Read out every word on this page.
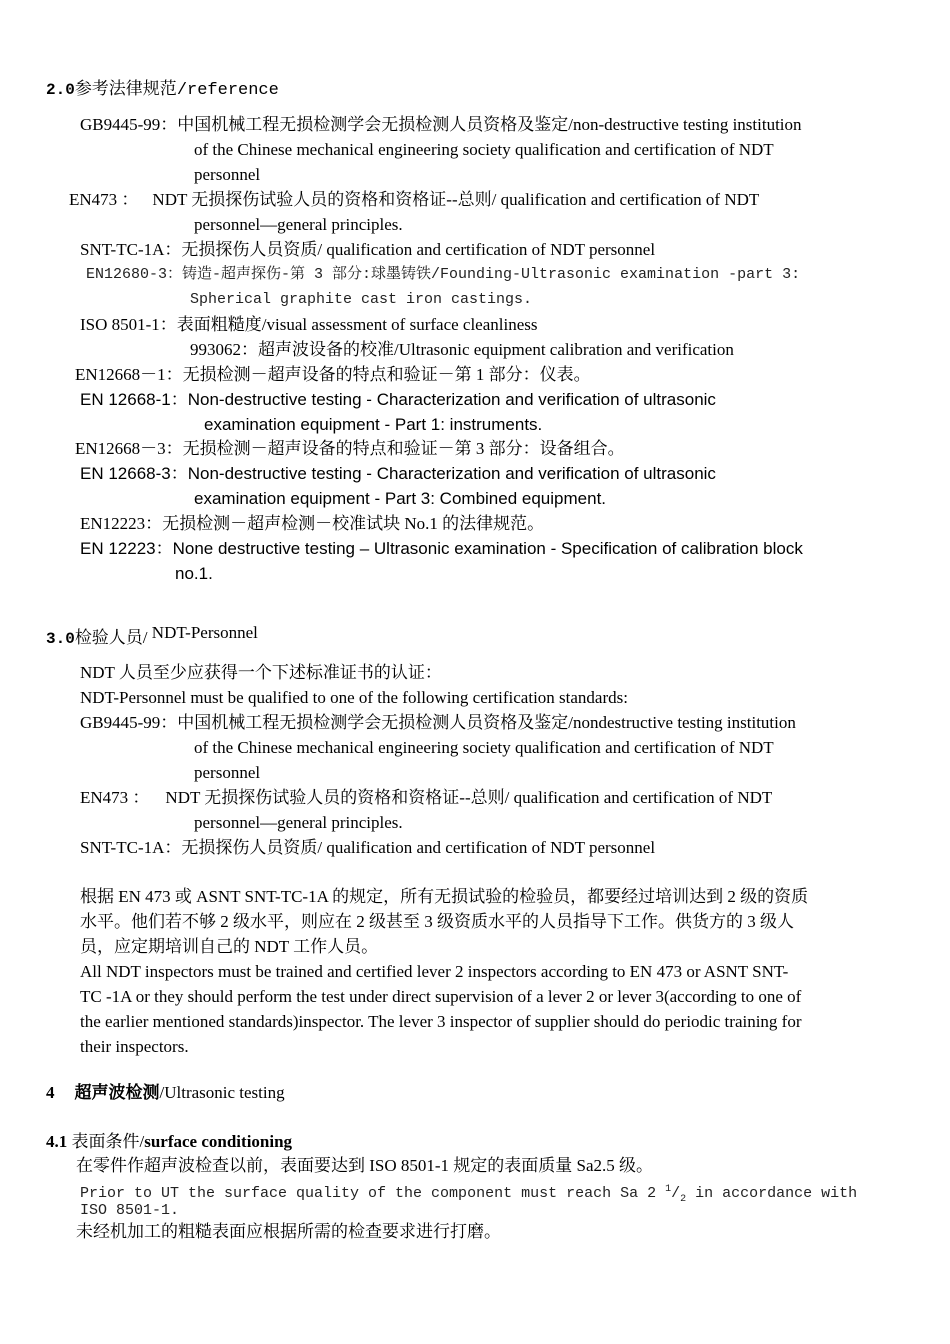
2.0参考法律规范/reference
GB9445-99：中国机械工程无损检测学会无损检测人员资格及鉴定/non-destructive testing institution
of the Chinese mechanical engineering society qualification and certification of NDT
personnel
EN473 ： NDT 无损探伤试验人员的资格和资格证--总则/ qualification and certification of NDT
personnel—general principles.
SNT-TC-1A：无损探伤人员资质/ qualification and certification of NDT personnel
EN12680-3：铸造-超声探伤-第 3 部分:球墨铸铁/Founding-Ultrasonic examination -part 3:
Spherical graphite cast iron castings.
ISO 8501-1：表面粗糙度/visual assessment of surface cleanliness
993062：超声波设备的校准/Ultrasonic equipment calibration and verification
EN12668－1：无损检测－超声设备的特点和验证－第 1 部分：仪表。
EN 12668-1：Non-destructive testing - Characterization and verification of ultrasonic
examination equipment - Part 1: instruments.
EN12668－3：无损检测－超声设备的特点和验证－第 3 部分：设备组合。
EN 12668-3：Non-destructive testing - Characterization and verification of ultrasonic
examination equipment - Part 3: Combined equipment.
EN12223：无损检测－超声检测－校准试块 No.1 的法律规范。
EN 12223：None destructive testing – Ultrasonic examination - Specification of calibration block
no.1.
3.0检验人员/ NDT-Personnel
NDT 人员至少应获得一个下述标准证书的认证：
NDT-Personnel must be qualified to one of the following certification standards:
GB9445-99：中国机械工程无损检测学会无损检测人员资格及鉴定/nondestructive testing institution
of the Chinese mechanical engineering society qualification and certification of NDT
personnel
EN473 ： NDT 无损探伤试验人员的资格和资格证--总则/ qualification and certification of NDT
personnel—general principles.
SNT-TC-1A：无损探伤人员资质/ qualification and certification of NDT personnel
根据 EN 473 或 ASNT SNT-TC-1A 的规定，所有无损试验的检验员，都要经过培训达到 2 级的资质
水平。他们若不够 2 级水平，则应在 2 级甚至 3 级资质水平的人员指导下工作。供货方的 3 级人
员，应定期培训自己的 NDT 工作人员。
All NDT inspectors must be trained and certified lever 2 inspectors according to EN 473 or ASNT SNT-
TC -1A or they should perform the test under direct supervision of a lever 2 or lever 3(according to one of
the earlier mentioned standards)inspector. The lever 3 inspector of supplier should do periodic training for
their inspectors.
4 超声波检测/Ultrasonic testing
4.1 表面条件/surface conditioning
在零件作超声波检查以前，表面要达到 ISO 8501-1 规定的表面质量 Sa2.5 级。
Prior to UT the surface quality of the component must reach Sa 2 $^1/_2$ in accordance with
ISO 8501-1.
未经机加工的粗糙表面应根据所需的检查要求进行打磨。
